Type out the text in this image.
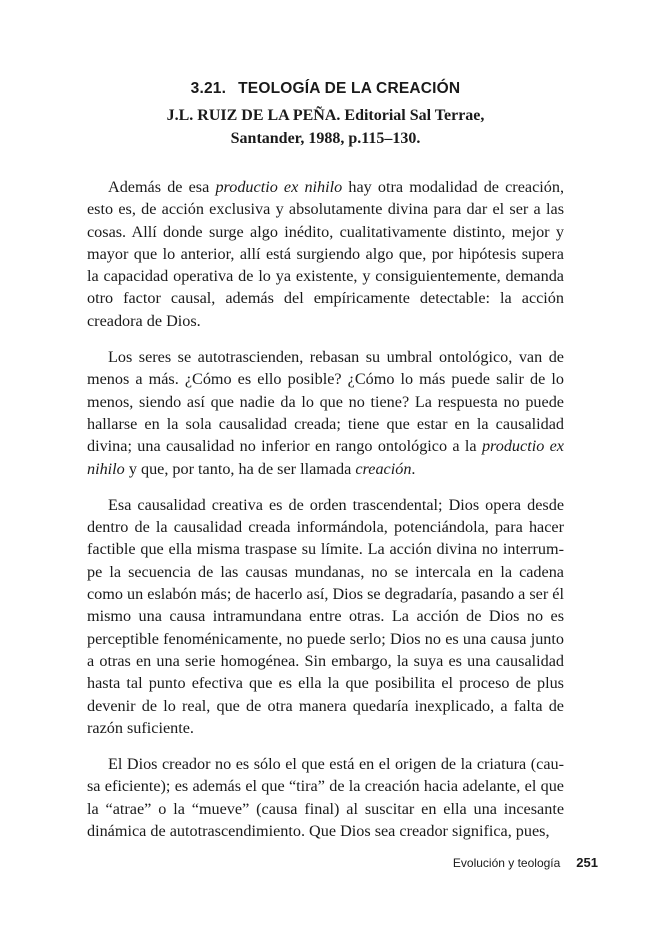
3.21. TEOLOGÍA DE LA CREACIÓN
J.L. RUIZ DE LA PEÑA. Editorial Sal Terrae,
Santander, 1988, p.115–130.

Además de esa productio ex nihilo hay otra modalidad de creación, esto es, de acción exclusiva y absolutamente divina para dar el ser a las cosas. Allí donde surge algo inédito, cualitativamente distinto, mejor y mayor que lo anterior, allí está surgiendo algo que, por hipótesis supera la capacidad operativa de lo ya existente, y consiguientemente, demanda otro factor causal, además del empíricamente detectable: la acción creadora de Dios.

Los seres se autotrascienden, rebasan su umbral ontológico, van de menos a más. ¿Cómo es ello posible? ¿Cómo lo más puede salir de lo menos, siendo así que nadie da lo que no tiene? La respuesta no puede hallarse en la sola causalidad creada; tiene que estar en la causalidad divina; una causalidad no inferior en rango ontológico a la productio ex nihilo y que, por tanto, ha de ser llamada creación.

Esa causalidad creativa es de orden trascendental; Dios opera desde dentro de la causalidad creada informándola, potenciándola, para hacer factible que ella misma traspase su límite. La acción divina no interrumpe la secuencia de las causas mundanas, no se intercala en la cadena como un eslabón más; de hacerlo así, Dios se degradaría, pasando a ser él mismo una causa intramundana entre otras. La acción de Dios no es perceptible fenoménicamente, no puede serlo; Dios no es una causa junto a otras en una serie homogénea. Sin embargo, la suya es una causalidad hasta tal punto efectiva que es ella la que posibilita el proceso de plus devenir de lo real, que de otra manera quedaría inexplicado, a falta de razón suficiente.

El Dios creador no es sólo el que está en el origen de la criatura (causa eficiente); es además el que “tira” de la creación hacia adelante, el que la “atrae” o la “mueve” (causa final) al suscitar en ella una incesante dinámica de autotrascendimiento. Que Dios sea creador significa, pues,

Evolución y teología 251
